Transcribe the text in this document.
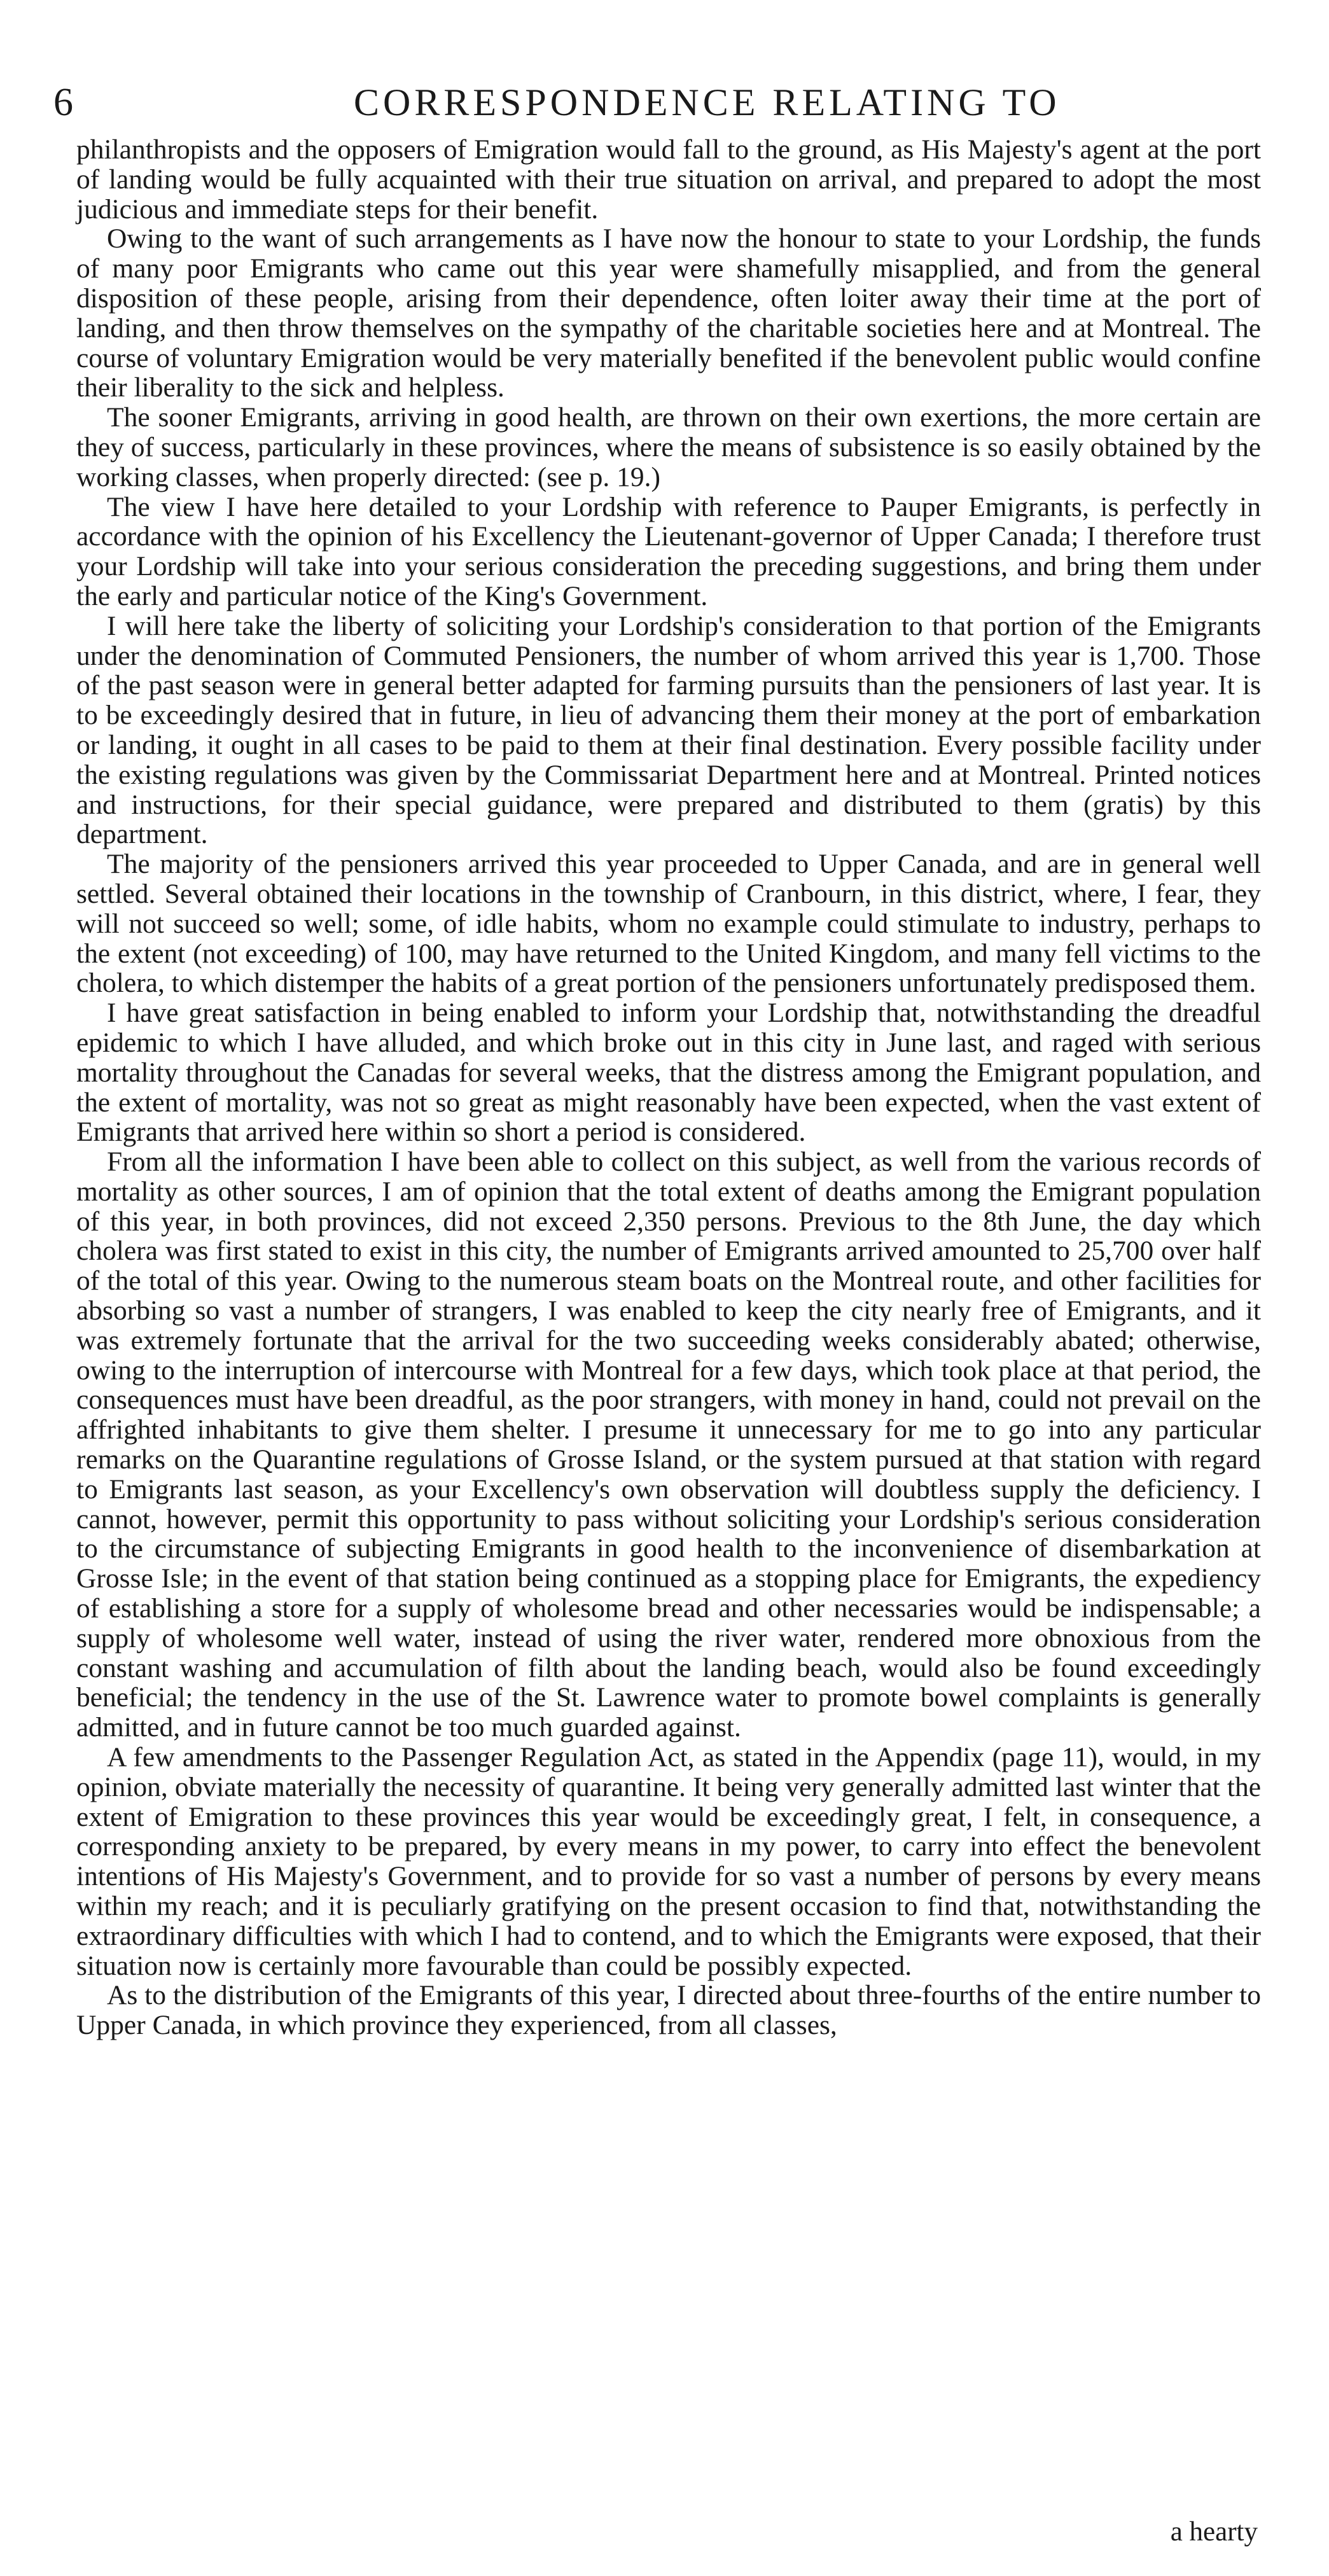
6	CORRESPONDENCE RELATING TO

philanthropists and the opposers of Emigration would fall to the ground, as His Majesty's agent at the port of landing would be fully acquainted with their true situation on arrival, and prepared to adopt the most judicious and immediate steps for their benefit.

Owing to the want of such arrangements as I have now the honour to state to your Lordship, the funds of many poor Emigrants who came out this year were shamefully misapplied, and from the general disposition of these people, arising from their dependence, often loiter away their time at the port of landing, and then throw themselves on the sympathy of the charitable societies here and at Montreal. The course of voluntary Emigration would be very materially benefited if the benevolent public would confine their liberality to the sick and helpless.

The sooner Emigrants, arriving in good health, are thrown on their own exertions, the more certain are they of success, particularly in these provinces, where the means of subsistence is so easily obtained by the working classes, when properly directed: (see p. 19.)

The view I have here detailed to your Lordship with reference to Pauper Emigrants, is perfectly in accordance with the opinion of his Excellency the Lieutenant-governor of Upper Canada; I therefore trust your Lordship will take into your serious consideration the preceding suggestions, and bring them under the early and particular notice of the King's Government.

I will here take the liberty of soliciting your Lordship's consideration to that portion of the Emigrants under the denomination of Commuted Pensioners, the number of whom arrived this year is 1,700. Those of the past season were in general better adapted for farming pursuits than the pensioners of last year. It is to be exceedingly desired that in future, in lieu of advancing them their money at the port of embarkation or landing, it ought in all cases to be paid to them at their final destination. Every possible facility under the existing regulations was given by the Commissariat Department here and at Montreal. Printed notices and instructions, for their special guidance, were prepared and distributed to them (gratis) by this department.

The majority of the pensioners arrived this year proceeded to Upper Canada, and are in general well settled. Several obtained their locations in the township of Cranbourn, in this district, where, I fear, they will not succeed so well; some, of idle habits, whom no example could stimulate to industry, perhaps to the extent (not exceeding) of 100, may have returned to the United Kingdom, and many fell victims to the cholera, to which distemper the habits of a great portion of the pensioners unfortunately predisposed them.

I have great satisfaction in being enabled to inform your Lordship that, notwithstanding the dreadful epidemic to which I have alluded, and which broke out in this city in June last, and raged with serious mortality throughout the Canadas for several weeks, that the distress among the Emigrant population, and the extent of mortality, was not so great as might reasonably have been expected, when the vast extent of Emigrants that arrived here within so short a period is considered.

From all the information I have been able to collect on this subject, as well from the various records of mortality as other sources, I am of opinion that the total extent of deaths among the Emigrant population of this year, in both provinces, did not exceed 2,350 persons. Previous to the 8th June, the day which cholera was first stated to exist in this city, the number of Emigrants arrived amounted to 25,700 over half of the total of this year. Owing to the numerous steam boats on the Montreal route, and other facilities for absorbing so vast a number of strangers, I was enabled to keep the city nearly free of Emigrants, and it was extremely fortunate that the arrival for the two succeeding weeks considerably abated; otherwise, owing to the interruption of intercourse with Montreal for a few days, which took place at that period, the consequences must have been dreadful, as the poor strangers, with money in hand, could not prevail on the affrighted inhabitants to give them shelter. I presume it unnecessary for me to go into any particular remarks on the Quarantine regulations of Grosse Island, or the system pursued at that station with regard to Emigrants last season, as your Excellency's own observation will doubtless supply the deficiency. I cannot, however, permit this opportunity to pass without soliciting your Lordship's serious consideration to the circumstance of subjecting Emigrants in good health to the inconvenience of disembarkation at Grosse Isle; in the event of that station being continued as a stopping place for Emigrants, the expediency of establishing a store for a supply of wholesome bread and other necessaries would be indispensable; a supply of wholesome well water, instead of using the river water, rendered more obnoxious from the constant washing and accumulation of filth about the landing beach, would also be found exceedingly beneficial; the tendency in the use of the St. Lawrence water to promote bowel complaints is generally admitted, and in future cannot be too much guarded against.

A few amendments to the Passenger Regulation Act, as stated in the Appendix (page 11), would, in my opinion, obviate materially the necessity of quarantine. It being very generally admitted last winter that the extent of Emigration to these provinces this year would be exceedingly great, I felt, in consequence, a corresponding anxiety to be prepared, by every means in my power, to carry into effect the benevolent intentions of His Majesty's Government, and to provide for so vast a number of persons by every means within my reach; and it is peculiarly gratifying on the present occasion to find that, notwithstanding the extraordinary difficulties with which I had to contend, and to which the Emigrants were exposed, that their situation now is certainly more favourable than could be possibly expected.

As to the distribution of the Emigrants of this year, I directed about three-fourths of the entire number to Upper Canada, in which province they experienced, from all classes,

a hearty
